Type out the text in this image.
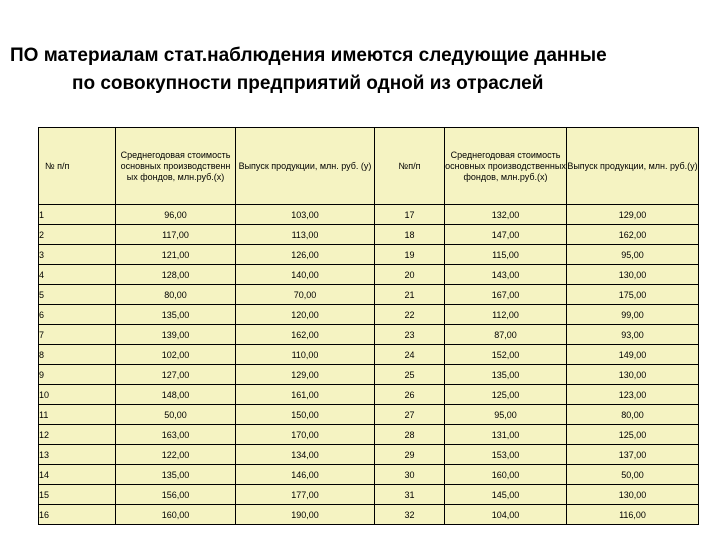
ПО материалам стат.наблюдения имеются следующие данные
по совокупности предприятий одной из отраслей
№ п/п	Среднегодовая стоимость основных производственн ых фондов, млн.руб.(x)	Выпуск продукции, млн. руб. (y)	№п/п	Среднегодовая стоимость основных производственных фондов, млн.руб.(x)	Выпуск продукции, млн. руб.(y)
1	96,00	103,00	17	132,00	129,00
2	117,00	113,00	18	147,00	162,00
3	121,00	126,00	19	115,00	95,00
4	128,00	140,00	20	143,00	130,00
5	80,00	70,00	21	167,00	175,00
6	135,00	120,00	22	112,00	99,00
7	139,00	162,00	23	87,00	93,00
8	102,00	110,00	24	152,00	149,00
9	127,00	129,00	25	135,00	130,00
10	148,00	161,00	26	125,00	123,00
11	50,00	150,00	27	95,00	80,00
12	163,00	170,00	28	131,00	125,00
13	122,00	134,00	29	153,00	137,00
14	135,00	146,00	30	160,00	50,00
15	156,00	177,00	31	145,00	130,00
16	160,00	190,00	32	104,00	116,00
